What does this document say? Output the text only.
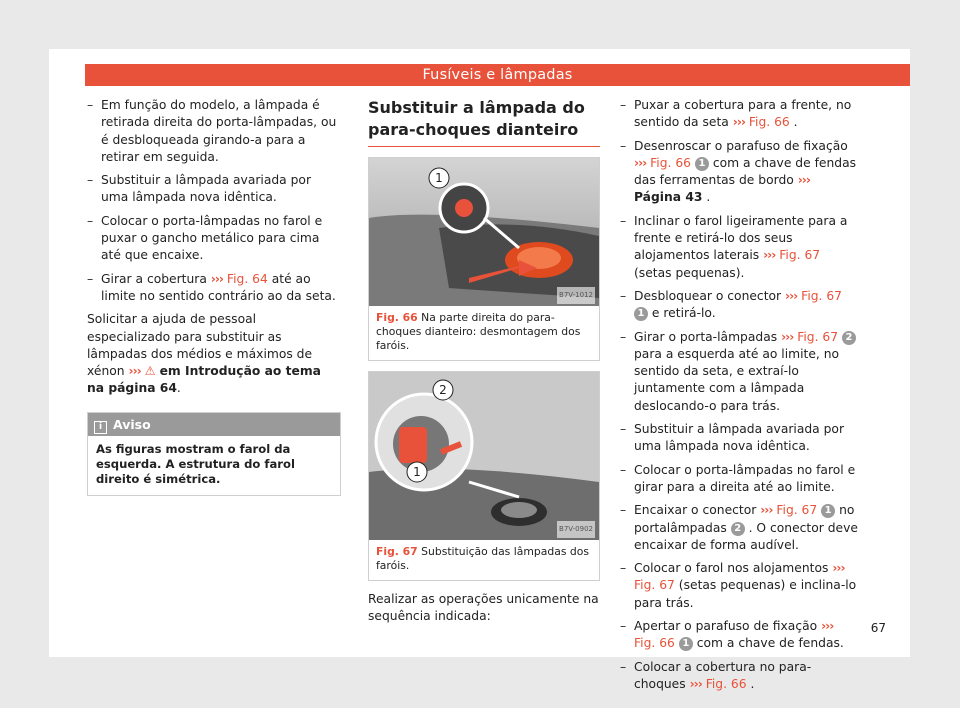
Fusíveis e lâmpadas
– Em função do modelo, a lâmpada é retirada direita do porta-lâmpadas, ou é desbloqueada girando-a para a retirar em seguida.
– Substituir a lâmpada avariada por uma lâmpada nova idêntica.
– Colocar o porta-lâmpadas no farol e puxar o gancho metálico para cima até que encaixe.
– Girar a cobertura ››› Fig. 64 até ao limite no sentido contrário ao da seta.
Solicitar a ajuda de pessoal especializado para substituir as lâmpadas dos médios e máximos de xénon ››› ⚠ em Introdução ao tema na página 64.
i Aviso
As figuras mostram o farol da esquerda. A estrutura do farol direito é simétrica.
Substituir a lâmpada do para-choques dianteiro
1
B7V-1012
Fig. 66 Na parte direita do para-choques dianteiro: desmontagem dos faróis.
2
1
B7V-0902
Fig. 67 Substituição das lâmpadas dos faróis.
Realizar as operações unicamente na sequência indicada:
– Puxar a cobertura para a frente, no sentido da seta ››› Fig. 66 .
– Desenroscar o parafuso de fixação ››› Fig. 66 1 com a chave de fendas das ferramentas de bordo ››› Página 43 .
– Inclinar o farol ligeiramente para a frente e retirá-lo dos seus alojamentos laterais ››› Fig. 67 (setas pequenas).
– Desbloquear o conector ››› Fig. 67 1 e retirá-lo.
– Girar o porta-lâmpadas ››› Fig. 67 2 para a esquerda até ao limite, no sentido da seta, e extraí-lo juntamente com a lâmpada deslocando-o para trás.
– Substituir a lâmpada avariada por uma lâmpada nova idêntica.
– Colocar o porta-lâmpadas no farol e girar para a direita até ao limite.
– Encaixar o conector ››› Fig. 67 1 no portalâmpadas 2 . O conector deve encaixar de forma audível.
– Colocar o farol nos alojamentos ››› Fig. 67 (setas pequenas) e inclina-lo para trás.
– Apertar o parafuso de fixação ››› Fig. 66 1 com a chave de fendas.
– Colocar a cobertura no para-choques ››› Fig. 66 .
67
